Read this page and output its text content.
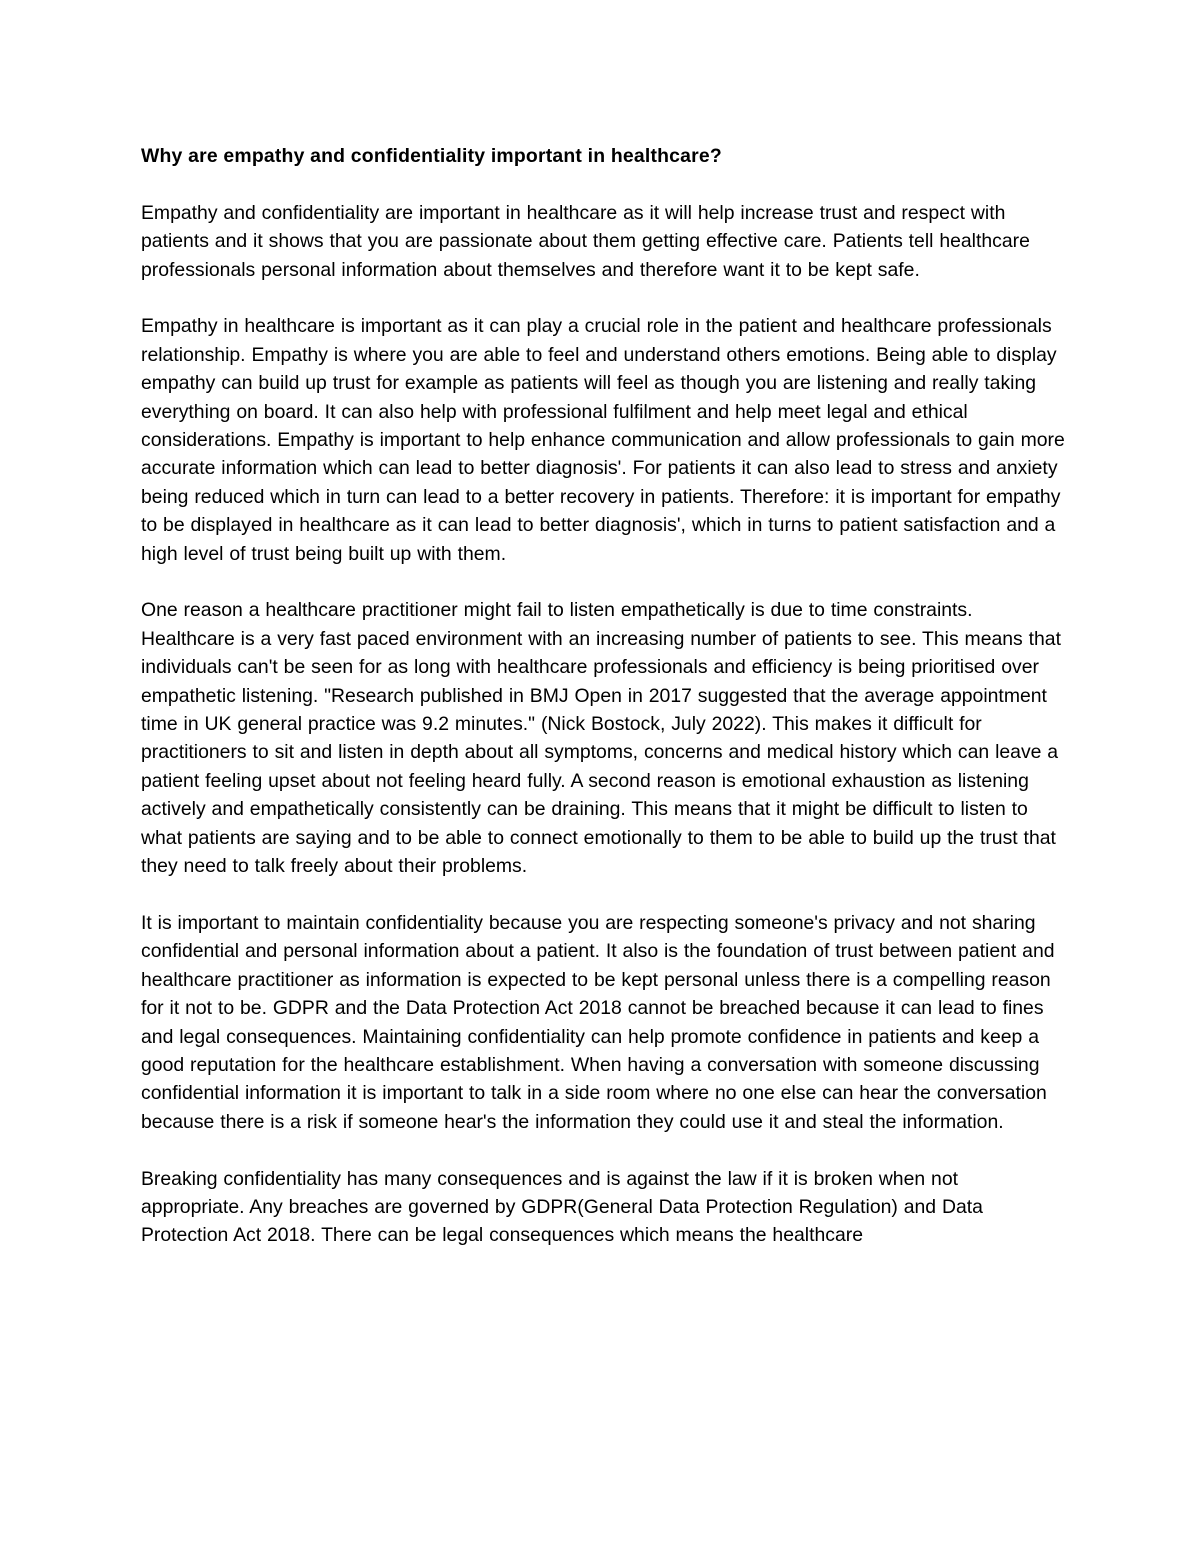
Why are empathy and confidentiality important in healthcare?

Empathy and confidentiality are important in healthcare as it will help increase trust and respect with patients and it shows that you are passionate about them getting effective care. Patients tell healthcare professionals personal information about themselves and therefore want it to be kept safe.

Empathy in healthcare is important as it can play a crucial role in the patient and healthcare professionals relationship. Empathy is where you are able to feel and understand others emotions. Being able to display empathy can build up trust for example as patients will feel as though you are listening and really taking everything on board. It can also help with professional fulfilment and help meet legal and ethical considerations. Empathy is important to help enhance communication and allow professionals to gain more accurate information which can lead to better diagnosis'. For patients it can also lead to stress and anxiety being reduced which in turn can lead to a better recovery in patients. Therefore: it is important for empathy to be displayed in healthcare as it can lead to better diagnosis', which in turns to patient satisfaction and a high level of trust being built up with them.

One reason a healthcare practitioner might fail to listen empathetically is due to time constraints. Healthcare is a very fast paced environment with an increasing number of patients to see. This means that individuals can't be seen for as long with healthcare professionals and efficiency is being prioritised over empathetic listening. "Research published in BMJ Open in 2017 suggested that the average appointment time in UK general practice was 9.2 minutes." (Nick Bostock, July 2022). This makes it difficult for practitioners to sit and listen in depth about all symptoms, concerns and medical history which can leave a patient feeling upset about not feeling heard fully. A second reason is emotional exhaustion as listening actively and empathetically consistently can be draining. This means that it might be difficult to listen to what patients are saying and to be able to connect emotionally to them to be able to build up the trust that they need to talk freely about their problems.

It is important to maintain confidentiality because you are respecting someone's privacy and not sharing confidential and personal information about a patient. It also is the foundation of trust between patient and healthcare practitioner as information is expected to be kept personal unless there is a compelling reason for it not to be. GDPR and the Data Protection Act 2018 cannot be breached because it can lead to fines and legal consequences. Maintaining confidentiality can help promote confidence in patients and keep a good reputation for the healthcare establishment. When having a conversation with someone discussing confidential information it is important to talk in a side room where no one else can hear the conversation because there is a risk if someone hear's the information they could use it and steal the information.

Breaking confidentiality has many consequences and is against the law if it is broken when not appropriate. Any breaches are governed by GDPR(General Data Protection Regulation) and Data Protection Act 2018. There can be legal consequences which means the healthcare
